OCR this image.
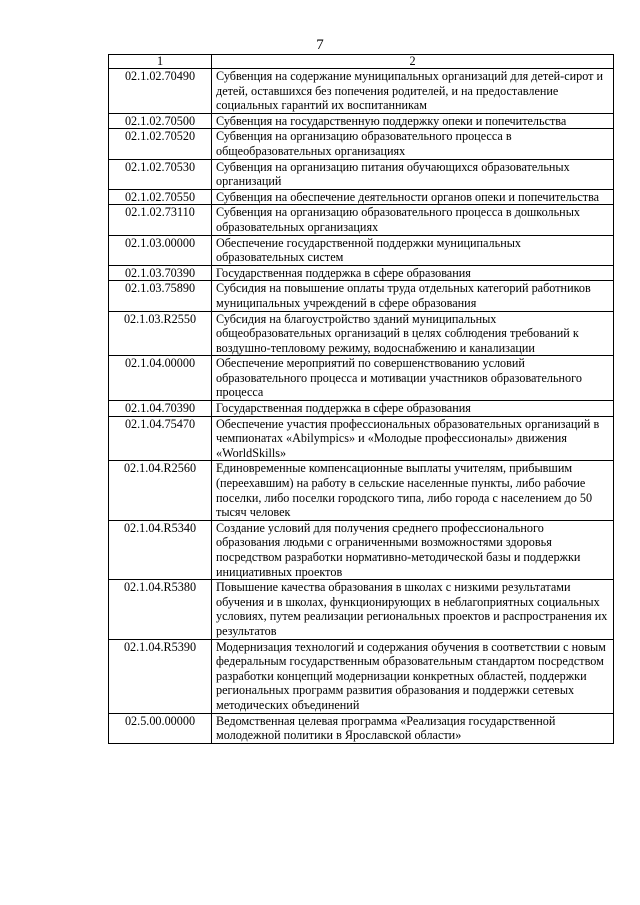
7
1	2
02.1.02.70490	Субвенция на содержание муниципальных организаций для детей-сирот и детей, оставшихся без попечения родителей, и на предоставление социальных гарантий их воспитанникам
02.1.02.70500	Субвенция на государственную поддержку опеки и попечительства
02.1.02.70520	Субвенция на организацию образовательного процесса в общеобразовательных организациях
02.1.02.70530	Субвенция на организацию питания обучающихся образовательных организаций
02.1.02.70550	Субвенция на обеспечение деятельности органов опеки и попечительства
02.1.02.73110	Субвенция на организацию образовательного процесса в дошкольных образовательных организациях
02.1.03.00000	Обеспечение государственной поддержки муниципальных образовательных систем
02.1.03.70390	Государственная поддержка в сфере образования
02.1.03.75890	Субсидия на повышение оплаты труда отдельных категорий работников муниципальных учреждений в сфере образования
02.1.03.R2550	Субсидия на благоустройство зданий муниципальных общеобразовательных организаций в целях соблюдения требований к воздушно-тепловому режиму, водоснабжению и канализации
02.1.04.00000	Обеспечение мероприятий по совершенствованию условий образовательного процесса и мотивации участников образовательного процесса
02.1.04.70390	Государственная поддержка в сфере образования
02.1.04.75470	Обеспечение участия профессиональных образовательных организаций в чемпионатах «Abilympics» и «Молодые профессионалы» движения «WorldSkills»
02.1.04.R2560	Единовременные компенсационные выплаты учителям, прибывшим (переехавшим) на работу в сельские населенные пункты, либо рабочие поселки, либо поселки городского типа, либо города с населением до 50 тысяч человек
02.1.04.R5340	Создание условий для получения среднего профессионального образования людьми с ограниченными возможностями здоровья посредством разработки нормативно-методической базы и поддержки инициативных проектов
02.1.04.R5380	Повышение качества образования в школах с низкими результатами обучения и в школах, функционирующих в неблагоприятных социальных условиях, путем реализации региональных проектов и распространения их результатов
02.1.04.R5390	Модернизация технологий и содержания обучения в соответствии с новым федеральным государственным образовательным стандартом посредством разработки концепций модернизации конкретных областей, поддержки региональных программ развития образования и поддержки сетевых методических объединений
02.5.00.00000	Ведомственная целевая программа «Реализация государственной молодежной политики в Ярославской области»
